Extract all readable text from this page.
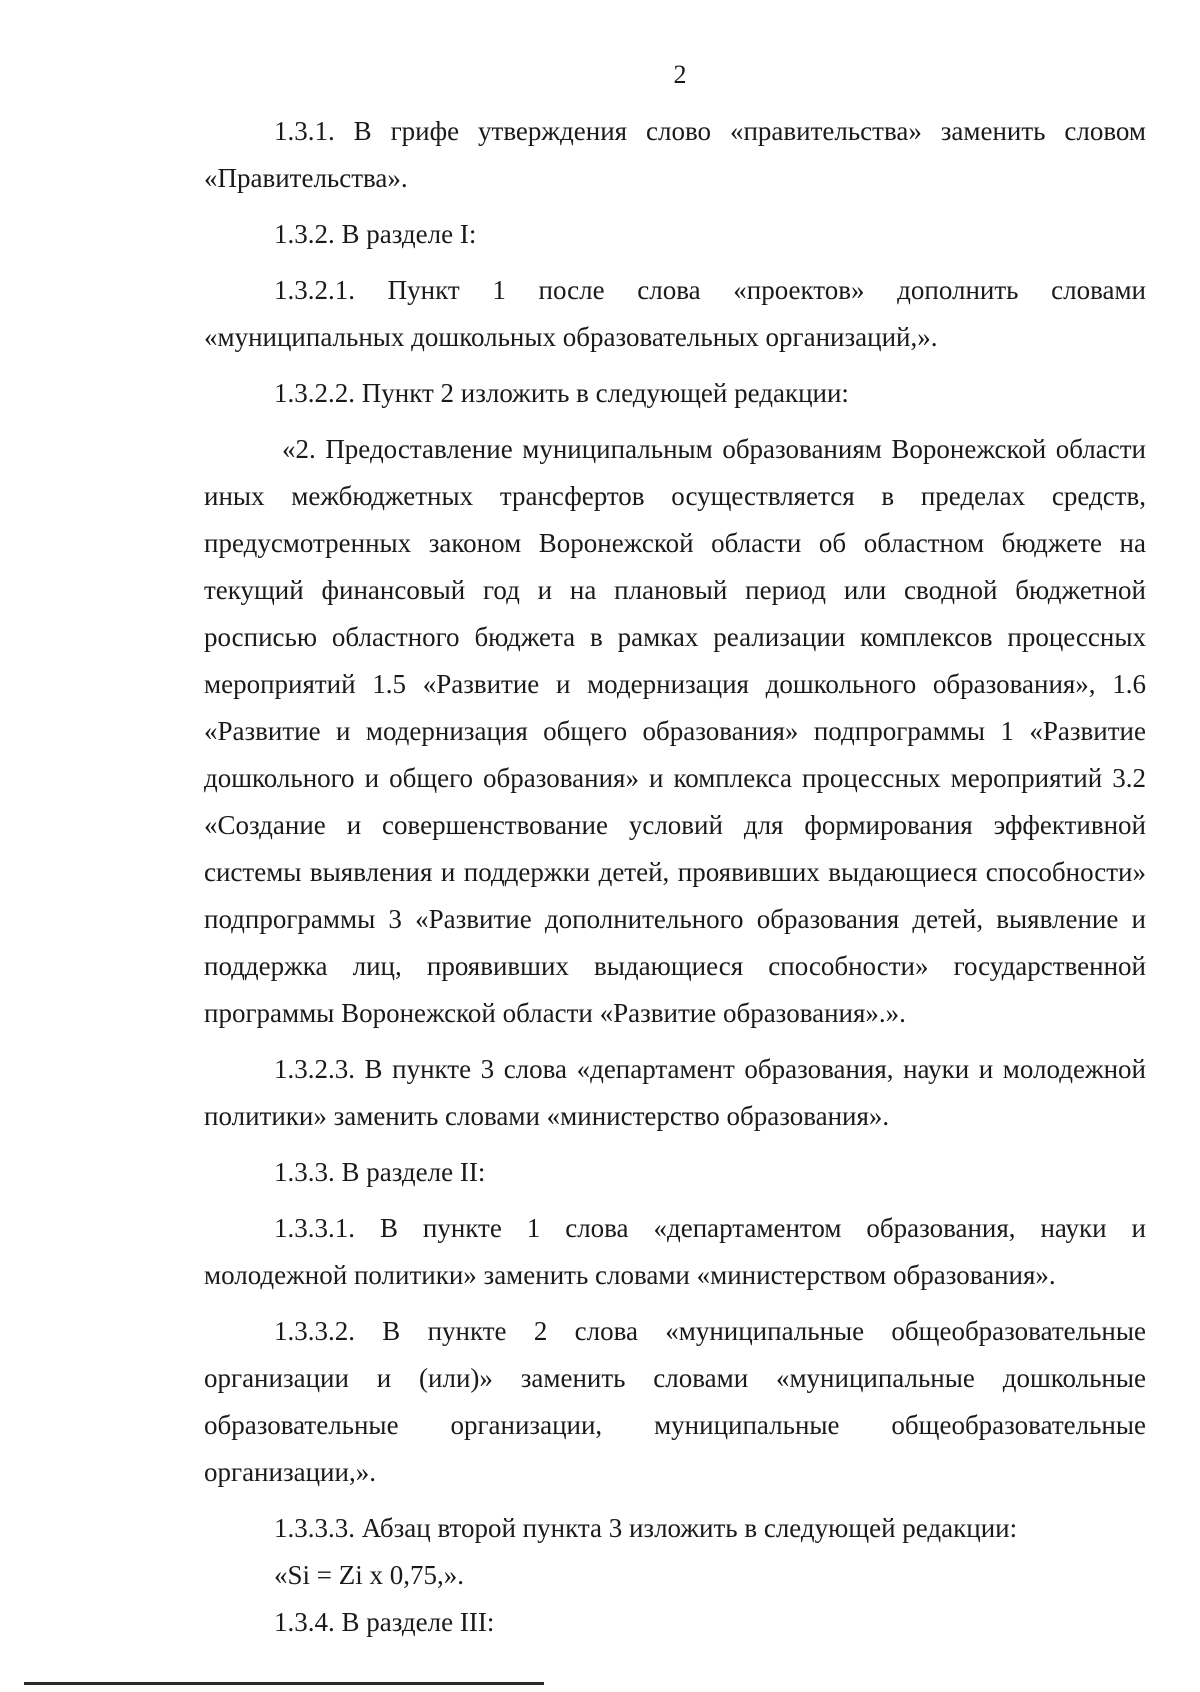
2

1.3.1. В грифе утверждения слово «правительства» заменить словом «Правительства».

1.3.2. В разделе I:

1.3.2.1. Пункт 1 после слова «проектов» дополнить словами «муниципальных дошкольных образовательных организаций,».

1.3.2.2. Пункт 2 изложить в следующей редакции:

«2. Предоставление муниципальным образованиям Воронежской области иных межбюджетных трансфертов осуществляется в пределах средств, предусмотренных законом Воронежской области об областном бюджете на текущий финансовый год и на плановый период или сводной бюджетной росписью областного бюджета в рамках реализации комплексов процессных мероприятий 1.5 «Развитие и модернизация дошкольного образования», 1.6 «Развитие и модернизация общего образования» подпрограммы 1 «Развитие дошкольного и общего образования» и комплекса процессных мероприятий 3.2 «Создание и совершенствование условий для формирования эффективной системы выявления и поддержки детей, проявивших выдающиеся способности» подпрограммы 3 «Развитие дополнительного образования детей, выявление и поддержка лиц, проявивших выдающиеся способности» государственной программы Воронежской области «Развитие образования».».

1.3.2.3. В пункте 3 слова «департамент образования, науки и молодежной политики» заменить словами «министерство образования».

1.3.3. В разделе II:

1.3.3.1. В пункте 1 слова «департаментом образования, науки и молодежной политики» заменить словами «министерством образования».

1.3.3.2. В пункте 2 слова «муниципальные общеобразовательные организации и (или)» заменить словами «муниципальные дошкольные образовательные организации, муниципальные общеобразовательные организации,».

1.3.3.3. Абзац второй пункта 3 изложить в следующей редакции:

«Si = Zi x 0,75,».

1.3.4. В разделе III:
